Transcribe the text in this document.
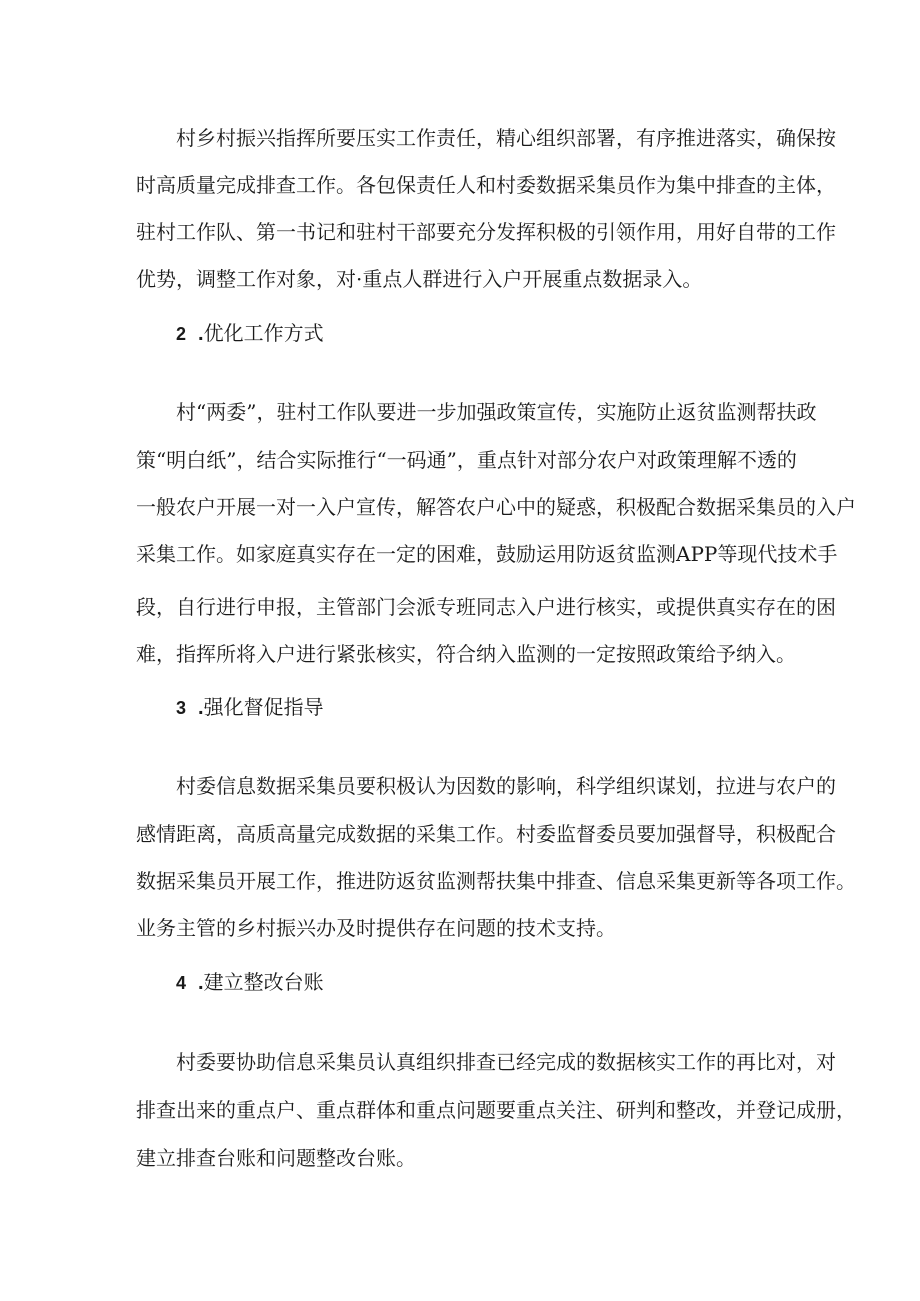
村乡村振兴指挥所要压实工作责任，精心组织部署，有序推进落实，确保按
时高质量完成排查工作。各包保责任人和村委数据采集员作为集中排查的主体，
驻村工作队、第一书记和驻村干部要充分发挥积极的引领作用，用好自带的工作
优势，调整工作对象，对·重点人群进行入户开展重点数据录入。
2 .优化工作方式
村“两委”，驻村工作队要进一步加强政策宣传，实施防止返贫监测帮扶政
策“明白纸”，结合实际推行“一码通”，重点针对部分农户对政策理解不透的
一般农户开展一对一入户宣传，解答农户心中的疑惑，积极配合数据采集员的入户
采集工作。如家庭真实存在一定的困难，鼓励运用防返贫监测APP等现代技术手
段，自行进行申报，主管部门会派专班同志入户进行核实，或提供真实存在的困
难，指挥所将入户进行紧张核实，符合纳入监测的一定按照政策给予纳入。
3 .强化督促指导
村委信息数据采集员要积极认为因数的影响，科学组织谋划，拉进与农户的
感情距离，高质高量完成数据的采集工作。村委监督委员要加强督导，积极配合
数据采集员开展工作，推进防返贫监测帮扶集中排查、信息采集更新等各项工作。
业务主管的乡村振兴办及时提供存在问题的技术支持。
4 .建立整改台账
村委要协助信息采集员认真组织排查已经完成的数据核实工作的再比对，对
排查出来的重点户、重点群体和重点问题要重点关注、研判和整改，并登记成册，
建立排查台账和问题整改台账。
